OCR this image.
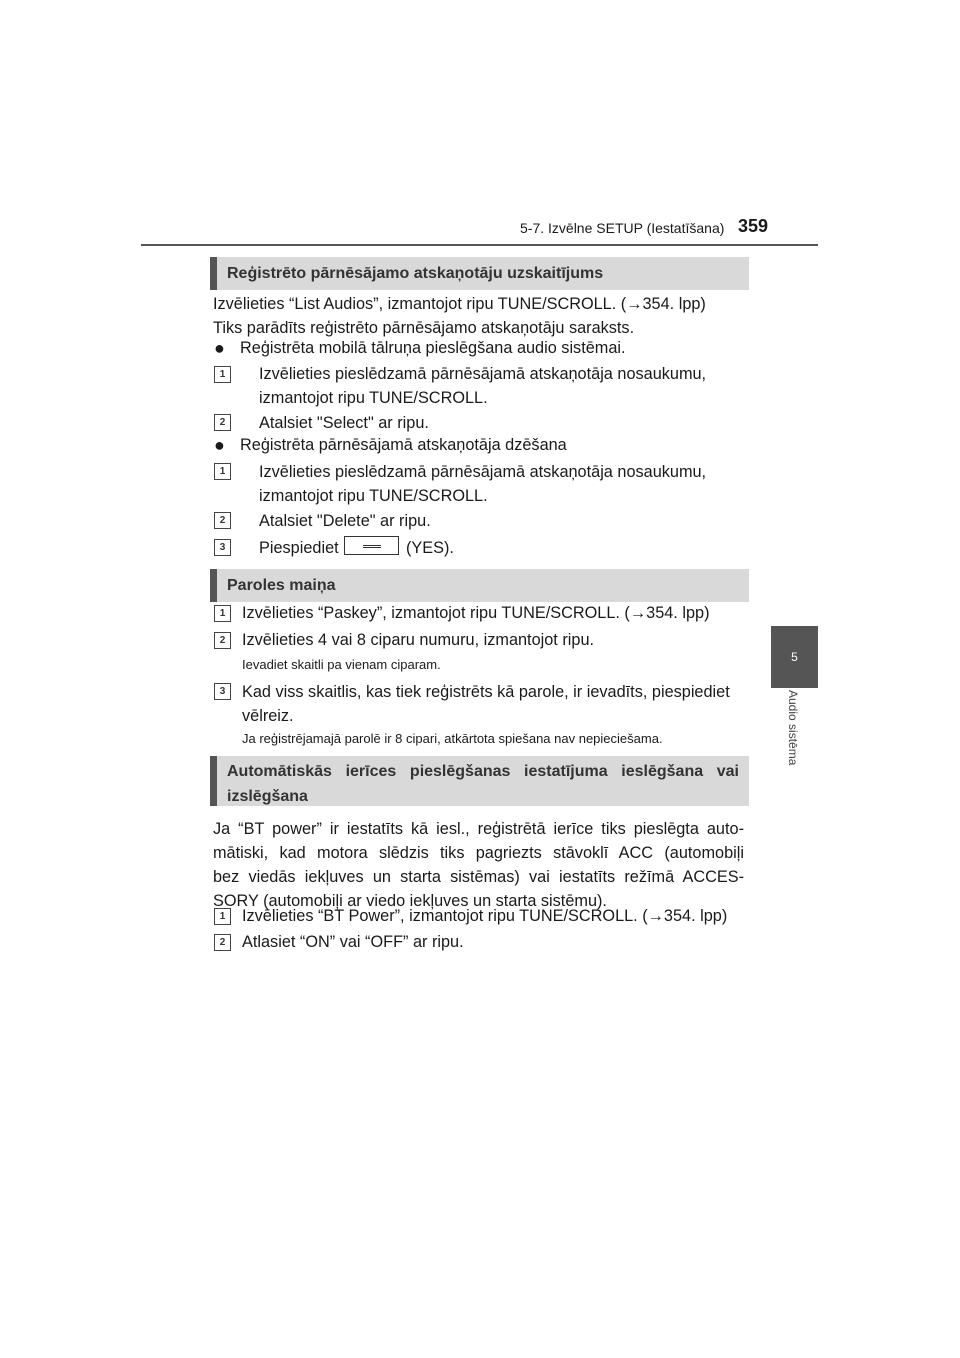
5-7. Izvēlne SETUP (Iestatīšana) 359
5
Audio sistēma
Reģistrēto pārnēsājamo atskaņotāju uzskaitījums
Izvēlieties “List Audios”, izmantojot ripu TUNE/SCROLL. (→354. lpp)
Tiks parādīts reģistrēto pārnēsājamo atskaņotāju saraksts.
● Reģistrēta mobilā tālruņa pieslēgšana audio sistēmai.
1	Izvēlieties pieslēdzamā pārnēsājamā atskaņotāja nosaukumu,
izmantojot ripu TUNE/SCROLL.
2	Atalsiet "Select" ar ripu.
● Reģistrēta pārnēsājamā atskaņotāja dzēšana
1	Izvēlieties pieslēdzamā pārnēsājamā atskaņotāja nosaukumu,
izmantojot ripu TUNE/SCROLL.
2	Atalsiet "Delete" ar ripu.
3	Piespiediet	(YES).
Paroles maiņa
1	Izvēlieties “Paskey”, izmantojot ripu TUNE/SCROLL. (→354. lpp)
2	Izvēlieties 4 vai 8 ciparu numuru, izmantojot ripu.
Ievadiet skaitli pa vienam ciparam.
3	Kad viss skaitlis, kas tiek reģistrēts kā parole, ir ievadīts, piespiediet
vēlreiz.
Ja reģistrējamajā parolē ir 8 cipari, atkārtota spiešana nav nepieciešama.
Automātiskās ierīces pieslēgšanas iestatījuma ieslēgšana vai
izslēgšana
Ja “BT power” ir iestatīts kā iesl., reģistrētā ierīce tiks pieslēgta auto-
mātiski, kad motora slēdzis tiks pagriezts stāvoklī ACC (automobiļi
bez viedās iekļuves un starta sistēmas) vai iestatīts režīmā ACCES-
SORY (automobiļi ar viedo iekļuves un starta sistēmu).
1	Izvēlieties “BT Power”, izmantojot ripu TUNE/SCROLL. (→354. lpp)
2	Atlasiet “ON” vai “OFF” ar ripu.
